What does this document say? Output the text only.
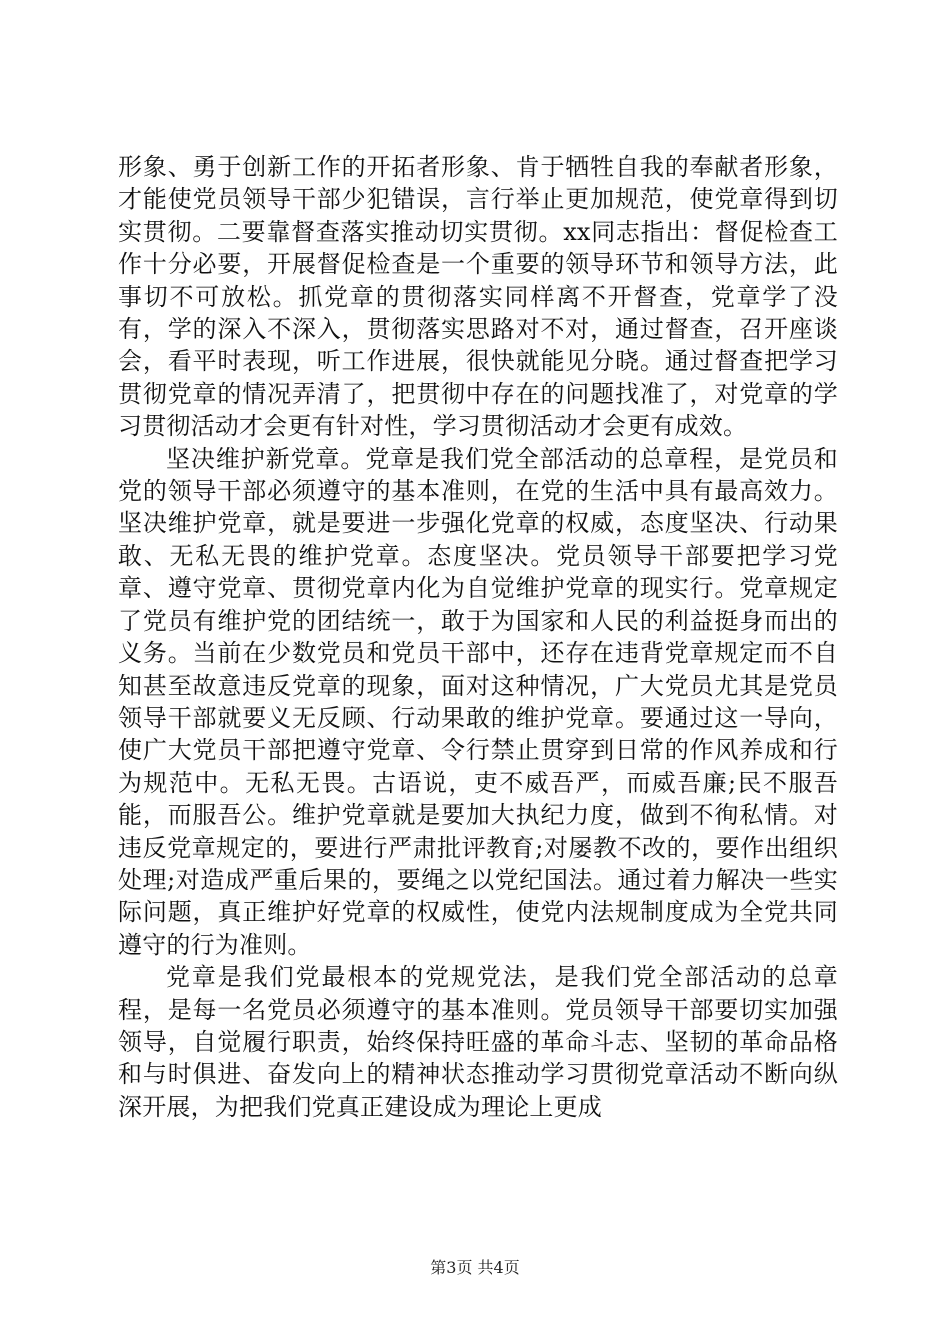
形象、勇于创新工作的开拓者形象、肯于牺牲自我的奉献者形象，才能使党员领导干部少犯错误，言行举止更加规范，使党章得到切实贯彻。二要靠督查落实推动切实贯彻。xx同志指出：督促检查工作十分必要，开展督促检查是一个重要的领导环节和领导方法，此事切不可放松。抓党章的贯彻落实同样离不开督查，党章学了没有，学的深入不深入，贯彻落实思路对不对，通过督查，召开座谈会，看平时表现，听工作进展，很快就能见分晓。通过督查把学习贯彻党章的情况弄清了，把贯彻中存在的问题找准了，对党章的学习贯彻活动才会更有针对性，学习贯彻活动才会更有成效。

坚决维护新党章。党章是我们党全部活动的总章程，是党员和党的领导干部必须遵守的基本准则，在党的生活中具有最高效力。坚决维护党章，就是要进一步强化党章的权威，态度坚决、行动果敢、无私无畏的维护党章。态度坚决。党员领导干部要把学习党章、遵守党章、贯彻党章内化为自觉维护党章的现实行。党章规定了党员有维护党的团结统一，敢于为国家和人民的利益挺身而出的义务。当前在少数党员和党员干部中，还存在违背党章规定而不自知甚至故意违反党章的现象，面对这种情况，广大党员尤其是党员领导干部就要义无反顾、行动果敢的维护党章。要通过这一导向，使广大党员干部把遵守党章、令行禁止贯穿到日常的作风养成和行为规范中。无私无畏。古语说，吏不威吾严，而威吾廉;民不服吾能，而服吾公。维护党章就是要加大执纪力度，做到不徇私情。对违反党章规定的，要进行严肃批评教育;对屡教不改的，要作出组织处理;对造成严重后果的，要绳之以党纪国法。通过着力解决一些实际问题，真正维护好党章的权威性，使党内法规制度成为全党共同遵守的行为准则。

党章是我们党最根本的党规党法，是我们党全部活动的总章程，是每一名党员必须遵守的基本准则。党员领导干部要切实加强领导，自觉履行职责，始终保持旺盛的革命斗志、坚韧的革命品格和与时俱进、奋发向上的精神状态推动学习贯彻党章活动不断向纵深开展，为把我们党真正建设成为理论上更成

第3页 共4页
